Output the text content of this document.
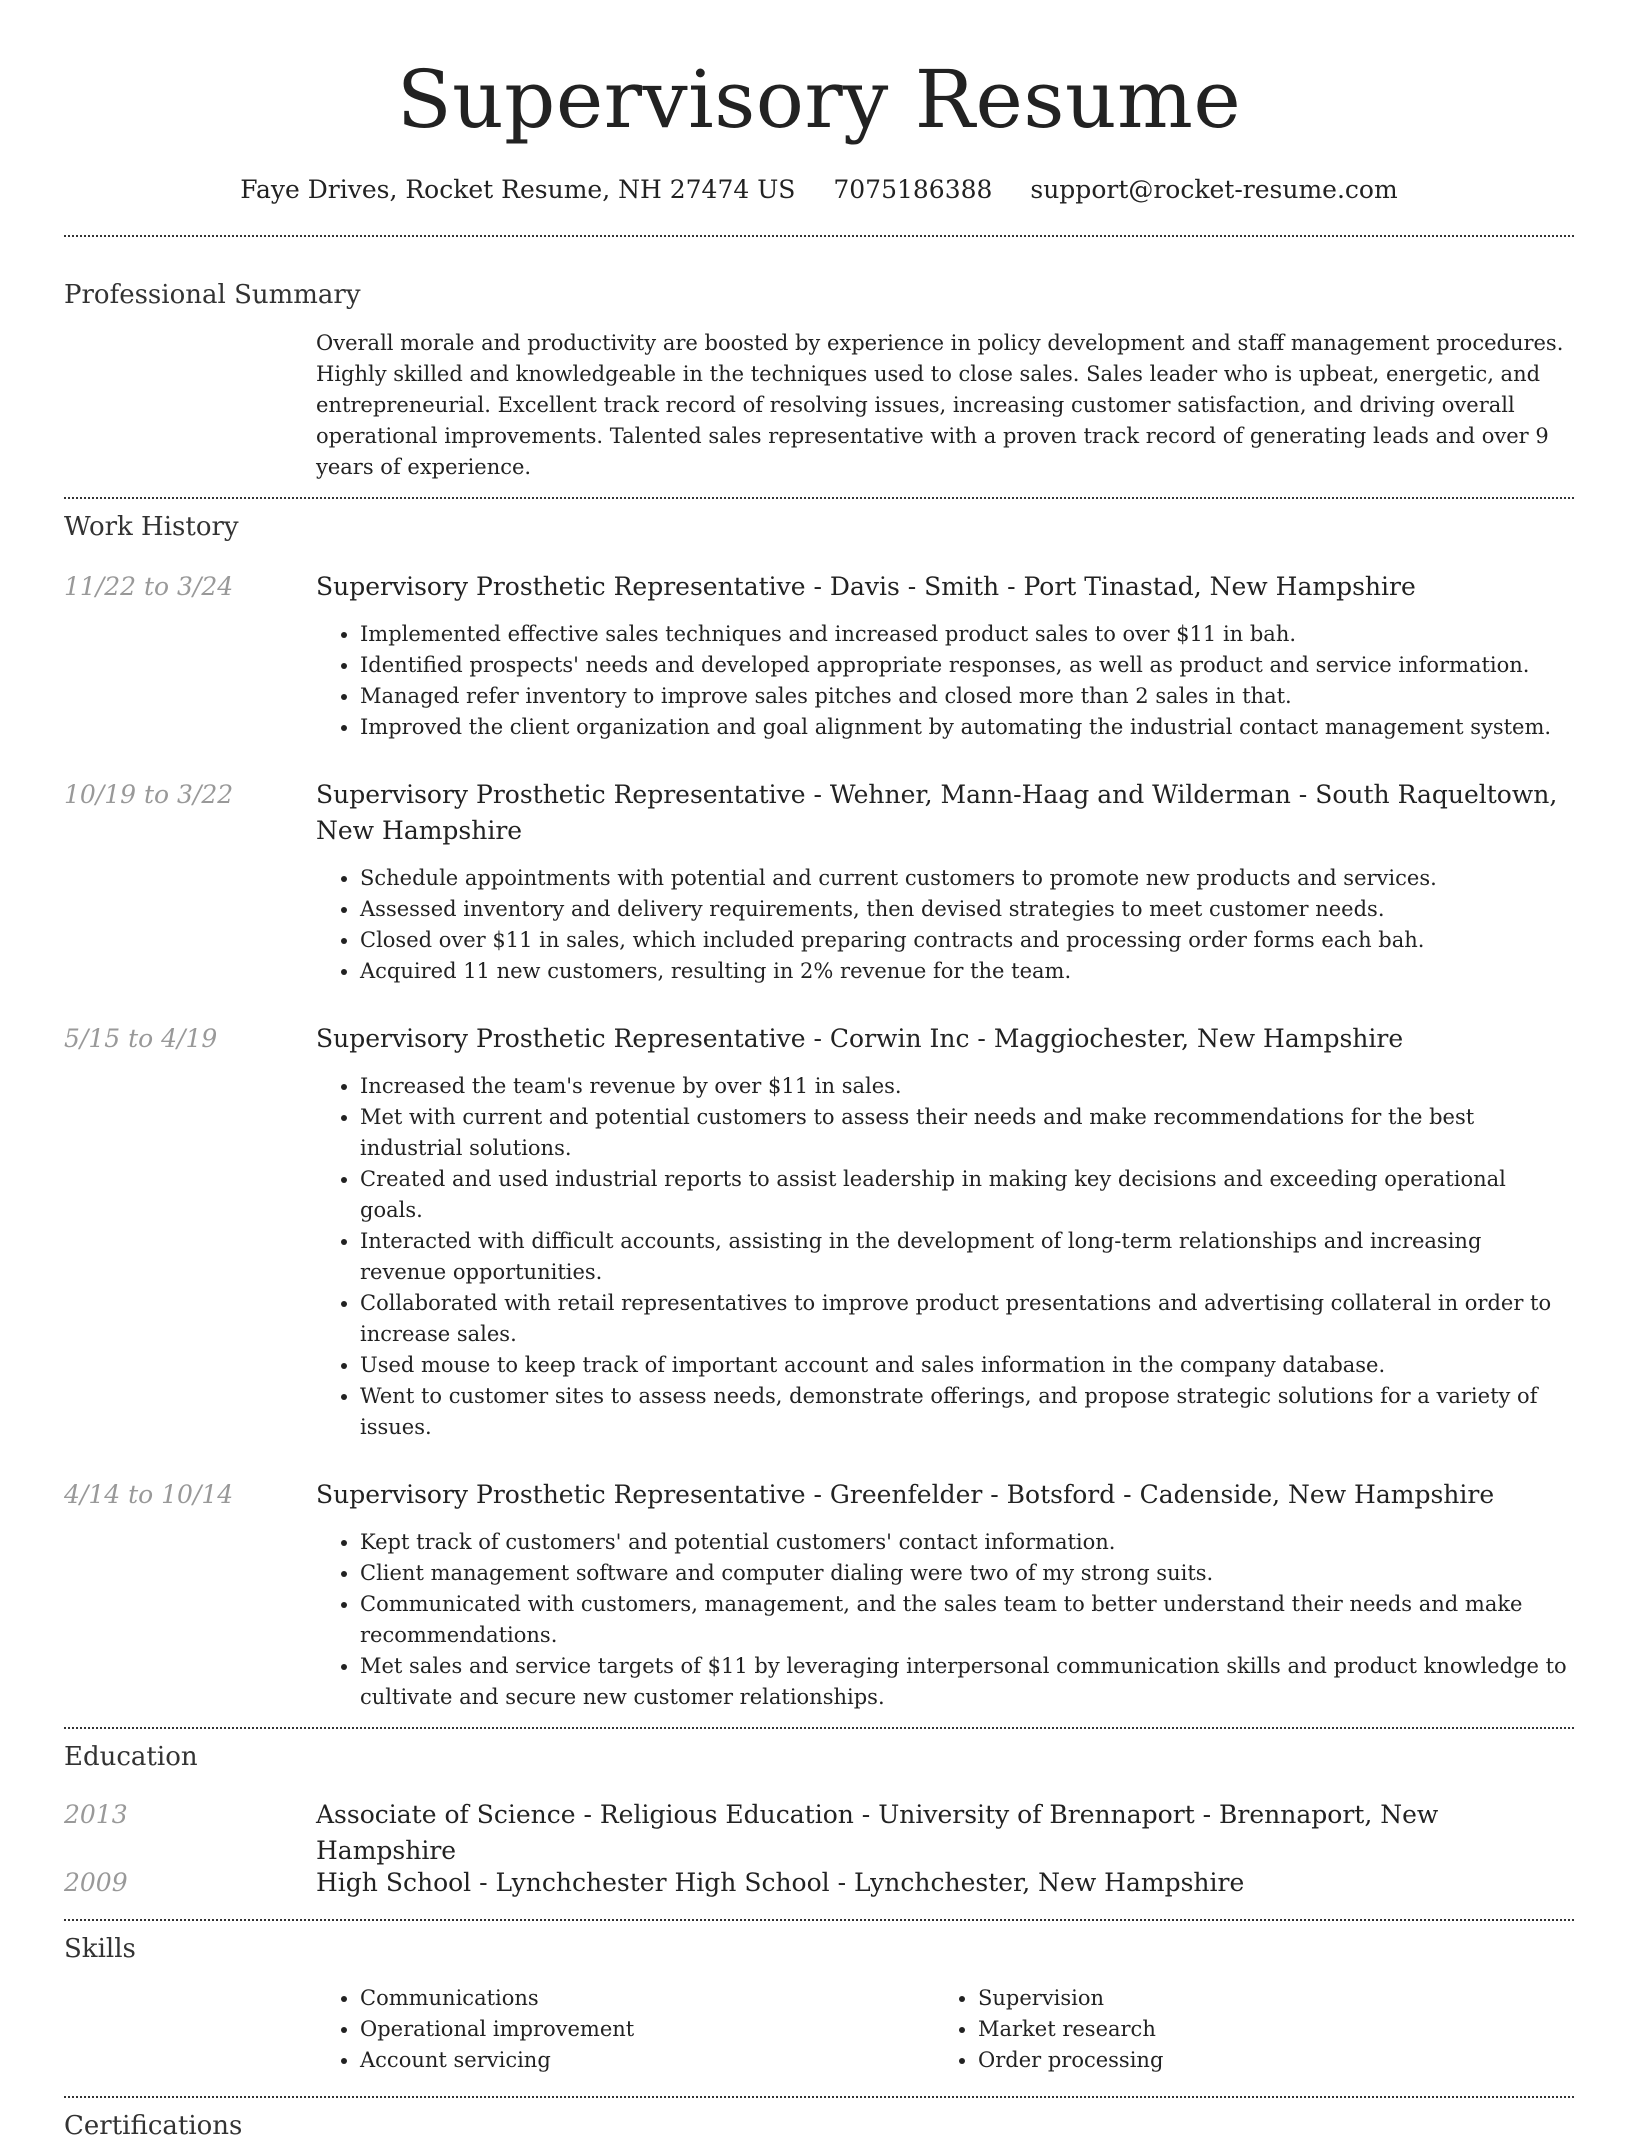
Supervisory Resume
Faye Drives, Rocket Resume, NH 27474 US 7075186388 support@rocket-resume.com
Professional Summary

Overall morale and productivity are boosted by experience in policy development and staff management procedures. Highly skilled and knowledgeable in the techniques used to close sales. Sales leader who is upbeat, energetic, and entrepreneurial. Excellent track record of resolving issues, increasing customer satisfaction, and driving overall operational improvements. Talented sales representative with a proven track record of generating leads and over 9 years of experience.

Work History
11/22 to 3/24	Supervisory Prosthetic Representative - Davis - Smith - Port Tinastad, New Hampshire
• Implemented effective sales techniques and increased product sales to over $11 in bah.
• Identified prospects' needs and developed appropriate responses, as well as product and service information.
• Managed refer inventory to improve sales pitches and closed more than 2 sales in that.
• Improved the client organization and goal alignment by automating the industrial contact management system.
10/19 to 3/22	Supervisory Prosthetic Representative - Wehner, Mann-Haag and Wilderman - South Raqueltown, New Hampshire
• Schedule appointments with potential and current customers to promote new products and services.
• Assessed inventory and delivery requirements, then devised strategies to meet customer needs.
• Closed over $11 in sales, which included preparing contracts and processing order forms each bah.
• Acquired 11 new customers, resulting in 2% revenue for the team.
5/15 to 4/19	Supervisory Prosthetic Representative - Corwin Inc - Maggiochester, New Hampshire
• Increased the team's revenue by over $11 in sales.
• Met with current and potential customers to assess their needs and make recommendations for the best industrial solutions.
• Created and used industrial reports to assist leadership in making key decisions and exceeding operational goals.
• Interacted with difficult accounts, assisting in the development of long-term relationships and increasing revenue opportunities.
• Collaborated with retail representatives to improve product presentations and advertising collateral in order to increase sales.
• Used mouse to keep track of important account and sales information in the company database.
• Went to customer sites to assess needs, demonstrate offerings, and propose strategic solutions for a variety of issues.
4/14 to 10/14	Supervisory Prosthetic Representative - Greenfelder - Botsford - Cadenside, New Hampshire
• Kept track of customers' and potential customers' contact information.
• Client management software and computer dialing were two of my strong suits.
• Communicated with customers, management, and the sales team to better understand their needs and make recommendations.
• Met sales and service targets of $11 by leveraging interpersonal communication skills and product knowledge to cultivate and secure new customer relationships.
Education
2013	Associate of Science - Religious Education - University of Brennaport - Brennaport, New Hampshire
2009	High School - Lynchchester High School - Lynchchester, New Hampshire
Skills
• Communications
• Operational improvement
• Account servicing
• Supervision
• Market research
• Order processing
Certifications
